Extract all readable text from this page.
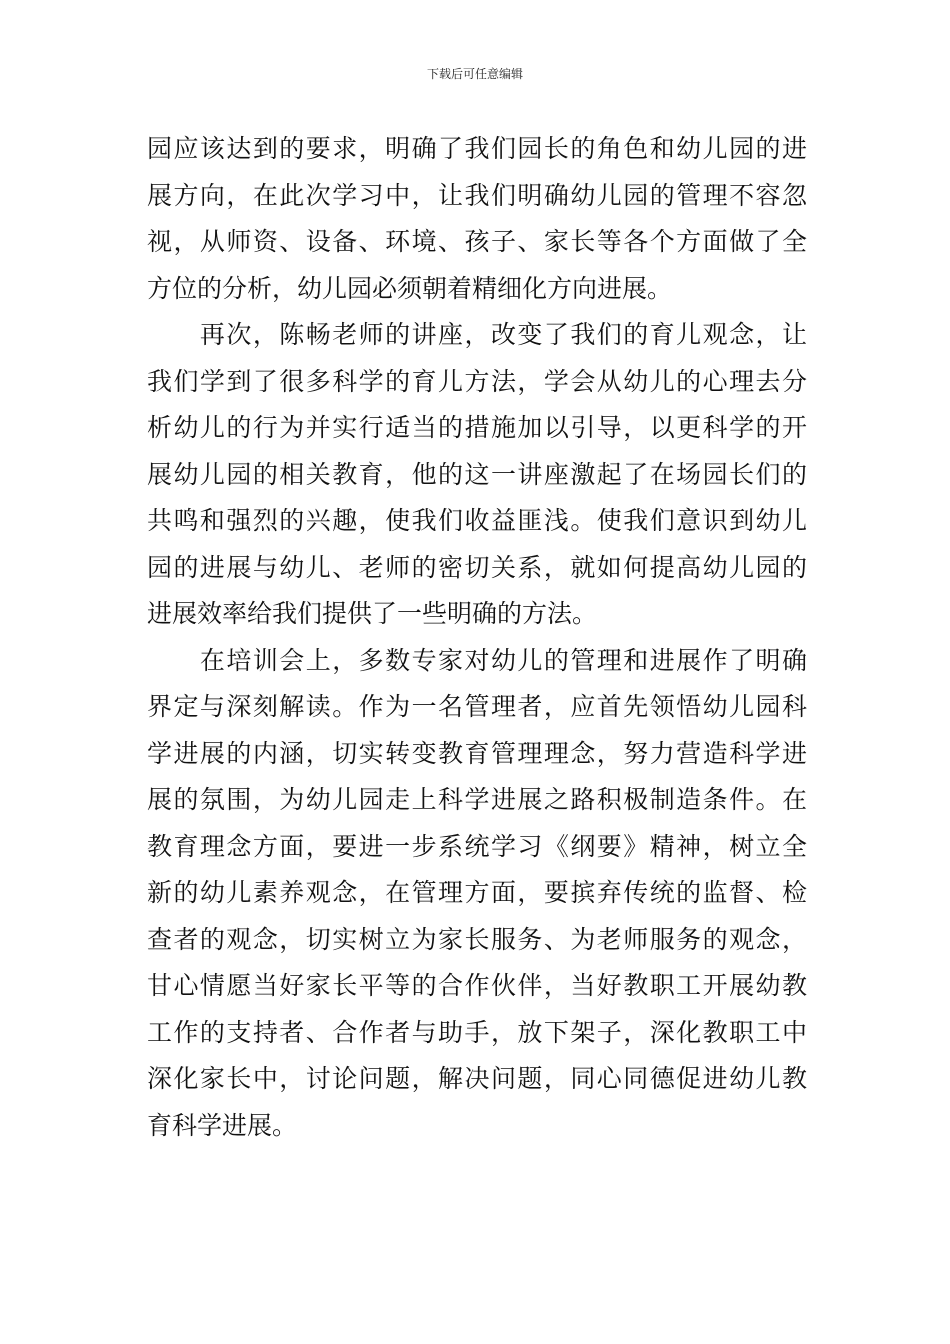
下载后可任意编辑
园应该达到的要求，明确了我们园长的角色和幼儿园的进
展方向，在此次学习中，让我们明确幼儿园的管理不容忽
视，从师资、设备、环境、孩子、家长等各个方面做了全
方位的分析，幼儿园必须朝着精细化方向进展。
　　再次，陈畅老师的讲座，改变了我们的育儿观念，让
我们学到了很多科学的育儿方法，学会从幼儿的心理去分
析幼儿的行为并实行适当的措施加以引导，以更科学的开
展幼儿园的相关教育，他的这一讲座激起了在场园长们的
共鸣和强烈的兴趣，使我们收益匪浅。使我们意识到幼儿
园的进展与幼儿、老师的密切关系，就如何提高幼儿园的
进展效率给我们提供了一些明确的方法。
　　在培训会上，多数专家对幼儿的管理和进展作了明确
界定与深刻解读。作为一名管理者，应首先领悟幼儿园科
学进展的内涵，切实转变教育管理理念，努力营造科学进
展的氛围，为幼儿园走上科学进展之路积极制造条件。在
教育理念方面，要进一步系统学习《纲要》精神，树立全
新的幼儿素养观念，在管理方面，要摈弃传统的监督、检
查者的观念，切实树立为家长服务、为老师服务的观念，
甘心情愿当好家长平等的合作伙伴，当好教职工开展幼教
工作的支持者、合作者与助手，放下架子，深化教职工中
深化家长中，讨论问题，解决问题，同心同德促进幼儿教
育科学进展。
